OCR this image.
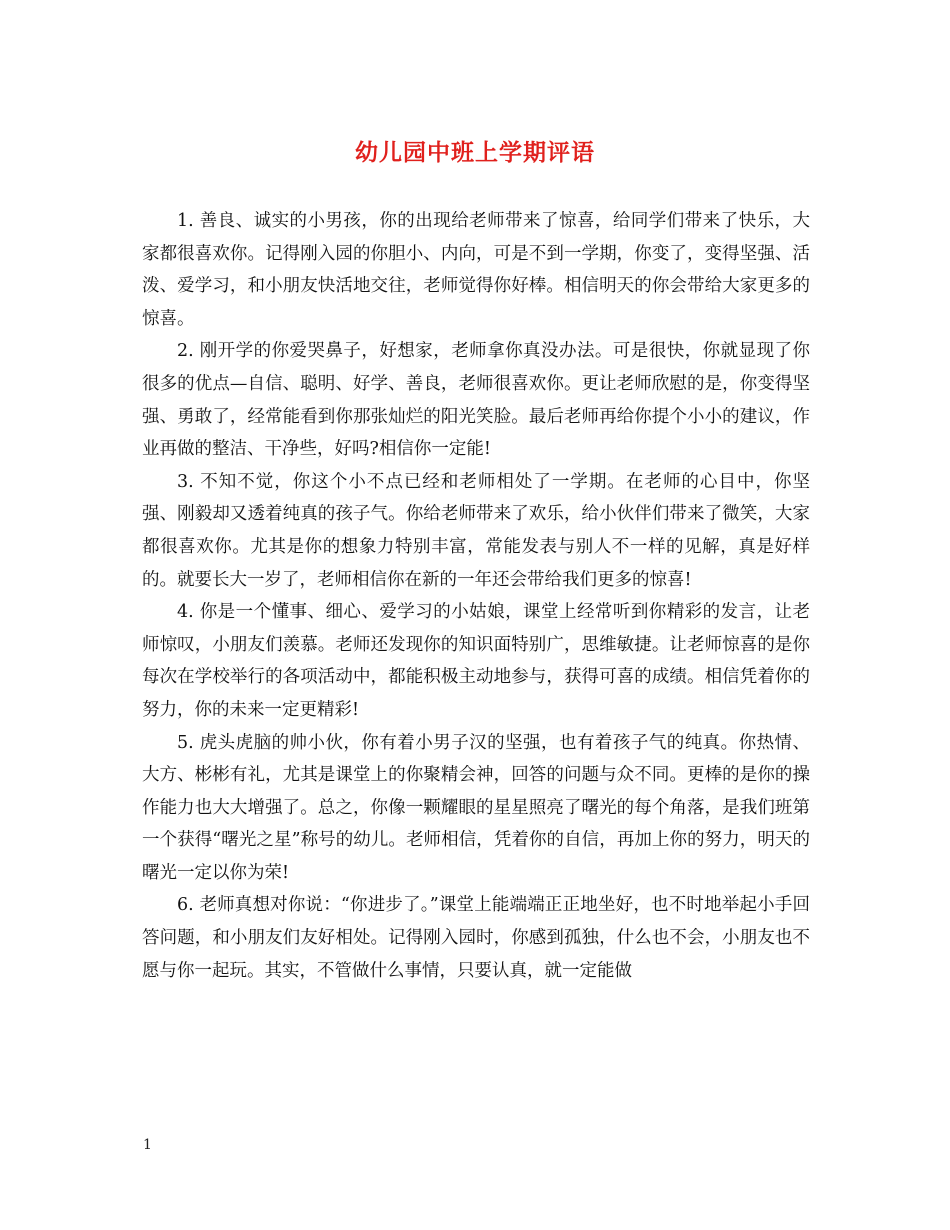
幼儿园中班上学期评语

1. 善良、诚实的小男孩，你的出现给老师带来了惊喜，给同学们带来了快乐，大家都很喜欢你。记得刚入园的你胆小、内向，可是不到一学期，你变了，变得坚强、活泼、爱学习，和小朋友快活地交往，老师觉得你好棒。相信明天的你会带给大家更多的惊喜。

2. 刚开学的你爱哭鼻子，好想家，老师拿你真没办法。可是很快，你就显现了你很多的优点—自信、聪明、好学、善良，老师很喜欢你。更让老师欣慰的是，你变得坚强、勇敢了，经常能看到你那张灿烂的阳光笑脸。最后老师再给你提个小小的建议，作业再做的整洁、干净些，好吗?相信你一定能!

3. 不知不觉，你这个小不点已经和老师相处了一学期。在老师的心目中，你坚强、刚毅却又透着纯真的孩子气。你给老师带来了欢乐，给小伙伴们带来了微笑，大家都很喜欢你。尤其是你的想象力特别丰富，常能发表与别人不一样的见解，真是好样的。就要长大一岁了，老师相信你在新的一年还会带给我们更多的惊喜!

4. 你是一个懂事、细心、爱学习的小姑娘，课堂上经常听到你精彩的发言，让老师惊叹，小朋友们羡慕。老师还发现你的知识面特别广，思维敏捷。让老师惊喜的是你每次在学校举行的各项活动中，都能积极主动地参与，获得可喜的成绩。相信凭着你的努力，你的未来一定更精彩!

5. 虎头虎脑的帅小伙，你有着小男子汉的坚强，也有着孩子气的纯真。你热情、大方、彬彬有礼，尤其是课堂上的你聚精会神，回答的问题与众不同。更棒的是你的操作能力也大大增强了。总之，你像一颗耀眼的星星照亮了曙光的每个角落，是我们班第一个获得“曙光之星”称号的幼儿。老师相信，凭着你的自信，再加上你的努力，明天的曙光一定以你为荣!

6. 老师真想对你说：“你进步了。”课堂上能端端正正地坐好，也不时地举起小手回答问题，和小朋友们友好相处。记得刚入园时，你感到孤独，什么也不会，小朋友也不愿与你一起玩。其实，不管做什么事情，只要认真，就一定能做

1
